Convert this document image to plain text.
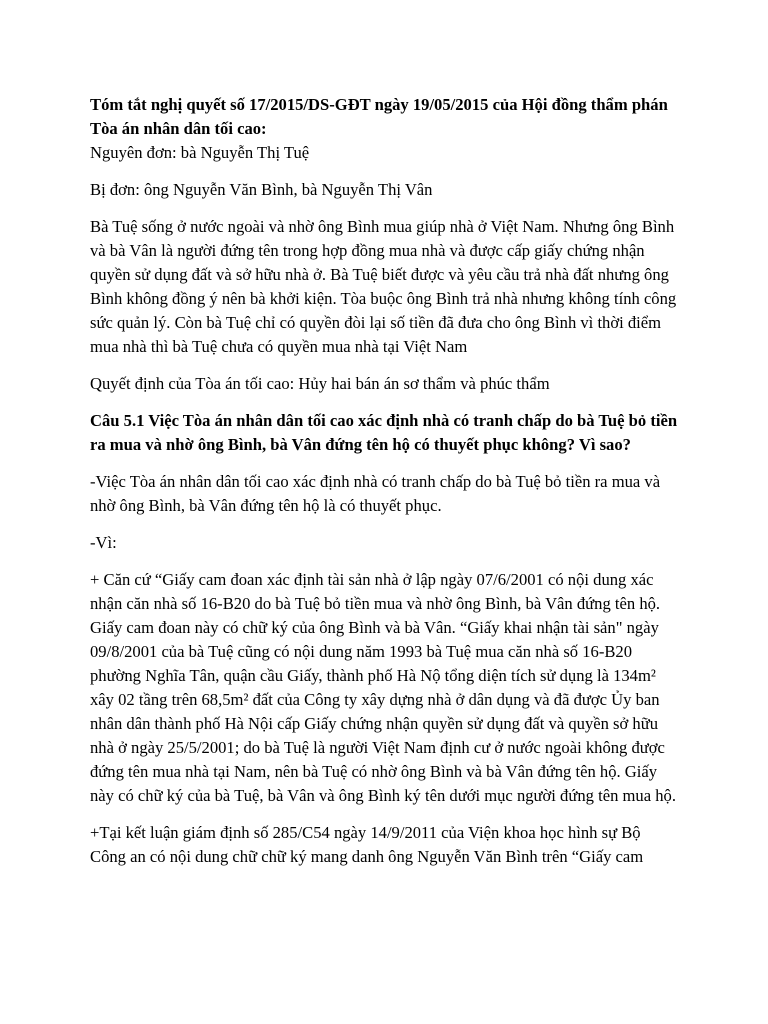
Tóm tắt nghị quyết số 17/2015/DS-GĐT ngày 19/05/2015 của Hội đồng thẩm phán Tòa án nhân dân tối cao:
Nguyên đơn: bà Nguyễn Thị Tuệ
Bị đơn: ông Nguyễn Văn Bình, bà Nguyễn Thị Vân
Bà Tuệ sống ở nước ngoài và nhờ ông Bình mua giúp nhà ở Việt Nam. Nhưng ông Bình và bà Vân là người đứng tên trong hợp đồng mua nhà và được cấp giấy chứng nhận quyền sử dụng đất và sở hữu nhà ở. Bà Tuệ biết được và yêu cầu trả nhà đất nhưng ông Bình không đồng ý nên bà khởi kiện. Tòa buộc ông Bình trả nhà nhưng không tính công sức quản lý. Còn bà Tuệ chỉ có quyền đòi lại số tiền đã đưa cho ông Bình vì thời điểm mua nhà thì bà Tuệ chưa có quyền mua nhà tại Việt Nam
Quyết định của Tòa án tối cao: Hủy hai bán án sơ thẩm và phúc thẩm
Câu 5.1 Việc Tòa án nhân dân tối cao xác định nhà có tranh chấp do bà Tuệ bỏ tiền ra mua và nhờ ông Bình, bà Vân đứng tên hộ có thuyết phục không? Vì sao?
-Việc Tòa án nhân dân tối cao xác định nhà có tranh chấp do bà Tuệ bỏ tiền ra mua và nhờ ông Bình, bà Vân đứng tên hộ là có thuyết phục.
-Vì:
+ Căn cứ “Giấy cam đoan xác định tài sản nhà ở lập ngày 07/6/2001 có nội dung xác nhận căn nhà số 16-B20 do bà Tuệ bỏ tiền mua và nhờ ông Bình, bà Vân đứng tên hộ. Giấy cam đoan này có chữ ký của ông Bình và bà Vân. “Giấy khai nhận tài sản" ngày 09/8/2001 của bà Tuệ cũng có nội dung năm 1993 bà Tuệ mua căn nhà số 16-B20 phường Nghĩa Tân, quận cầu Giấy, thành phố Hà Nộ tổng diện tích sử dụng là 134m² xây 02 tầng trên 68,5m² đất của Công ty xây dựng nhà ở dân dụng và đã được Ủy ban nhân dân thành phố Hà Nội cấp Giấy chứng nhận quyền sử dụng đất và quyền sở hữu nhà ở ngày 25/5/2001; do bà Tuệ là người Việt Nam định cư ở nước ngoài không được đứng tên mua nhà tại Nam, nên bà Tuệ có nhờ ông Bình và bà Vân đứng tên hộ. Giấy này có chữ ký của bà Tuệ, bà Vân và ông Bình ký tên dưới mục người đứng tên mua hộ.
+Tại kết luận giám định số 285/C54 ngày 14/9/2011 của Viện khoa học hình sự Bộ Công an có nội dung chữ chữ ký mang danh ông Nguyễn Văn Bình trên “Giấy cam
